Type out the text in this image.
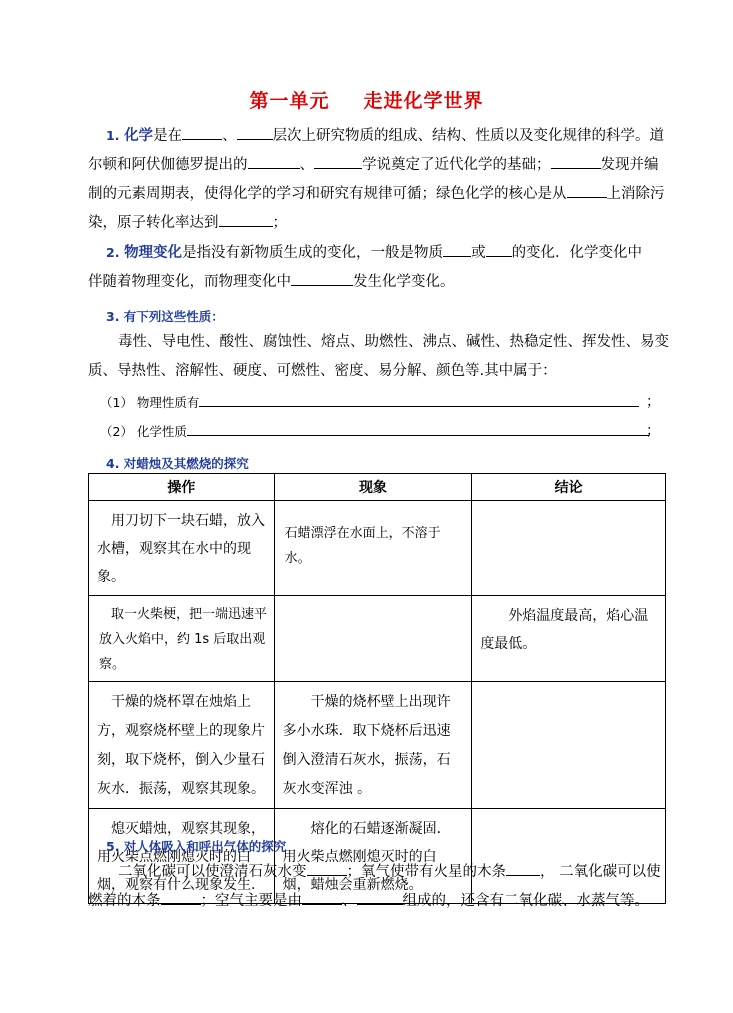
第一单元 走进化学世界
1. 化学是在	、 层次上研究物质的组成、结构、性质以及变化规律的科学。道
尔顿和阿伏伽德罗提出的	、	学说奠定了近代化学的基础；	发现并编
制的元素周期表，使得化学的学习和研究有规律可循；绿色化学的核心是从	上消除污
染，原子转化率达到	；
2. 物理变化是指没有新物质生成的变化，一般是物质 或 的变化．化学变化中
伴随着物理变化，而物理变化中	发生化学变化。
3. 有下列这些性质：
毒性、导电性、酸性、腐蚀性、熔点、助燃性、沸点、碱性、热稳定性、挥发性、易变
质、导热性、溶解性、硬度、可燃性、密度、易分解、颜色等.其中属于：
（1） 物理性质有	；
（2） 化学性质	；
4. 对蜡烛及其燃烧的探究
操作	现象	结论
用刀切下一块石蜡，放入水槽，观察其在水中的现象。	石蜡漂浮在水面上，不溶于水。	
取一火柴梗，把一端迅速平放入火焰中，约 1s 后取出观察。		外焰温度最高，焰心温度最低。
干燥的烧杯罩在烛焰上方，观察烧杯壁上的现象片刻，取下烧杯，倒入少量石灰水．振荡，观察其现象。	干燥的烧杯壁上出现许多小水珠．取下烧杯后迅速倒入澄清石灰水，振荡，石灰水变浑浊 。	
熄灭蜡烛，观察其现象，用火柴点燃刚熄灭时的白烟，观察有什么现象发生.	熔化的石蜡逐渐凝固．用火柴点燃刚熄灭时的白烟，蜡烛会重新燃烧。	
5. 对人体吸入和呼出气体的探究
二氧化碳可以使澄清石灰水变	；氧气使带有火星的木条 ， 二氧化碳可以使
燃着的木条	；空气主要是由	、	组成的，还含有二氧化碳、水蒸气等。
